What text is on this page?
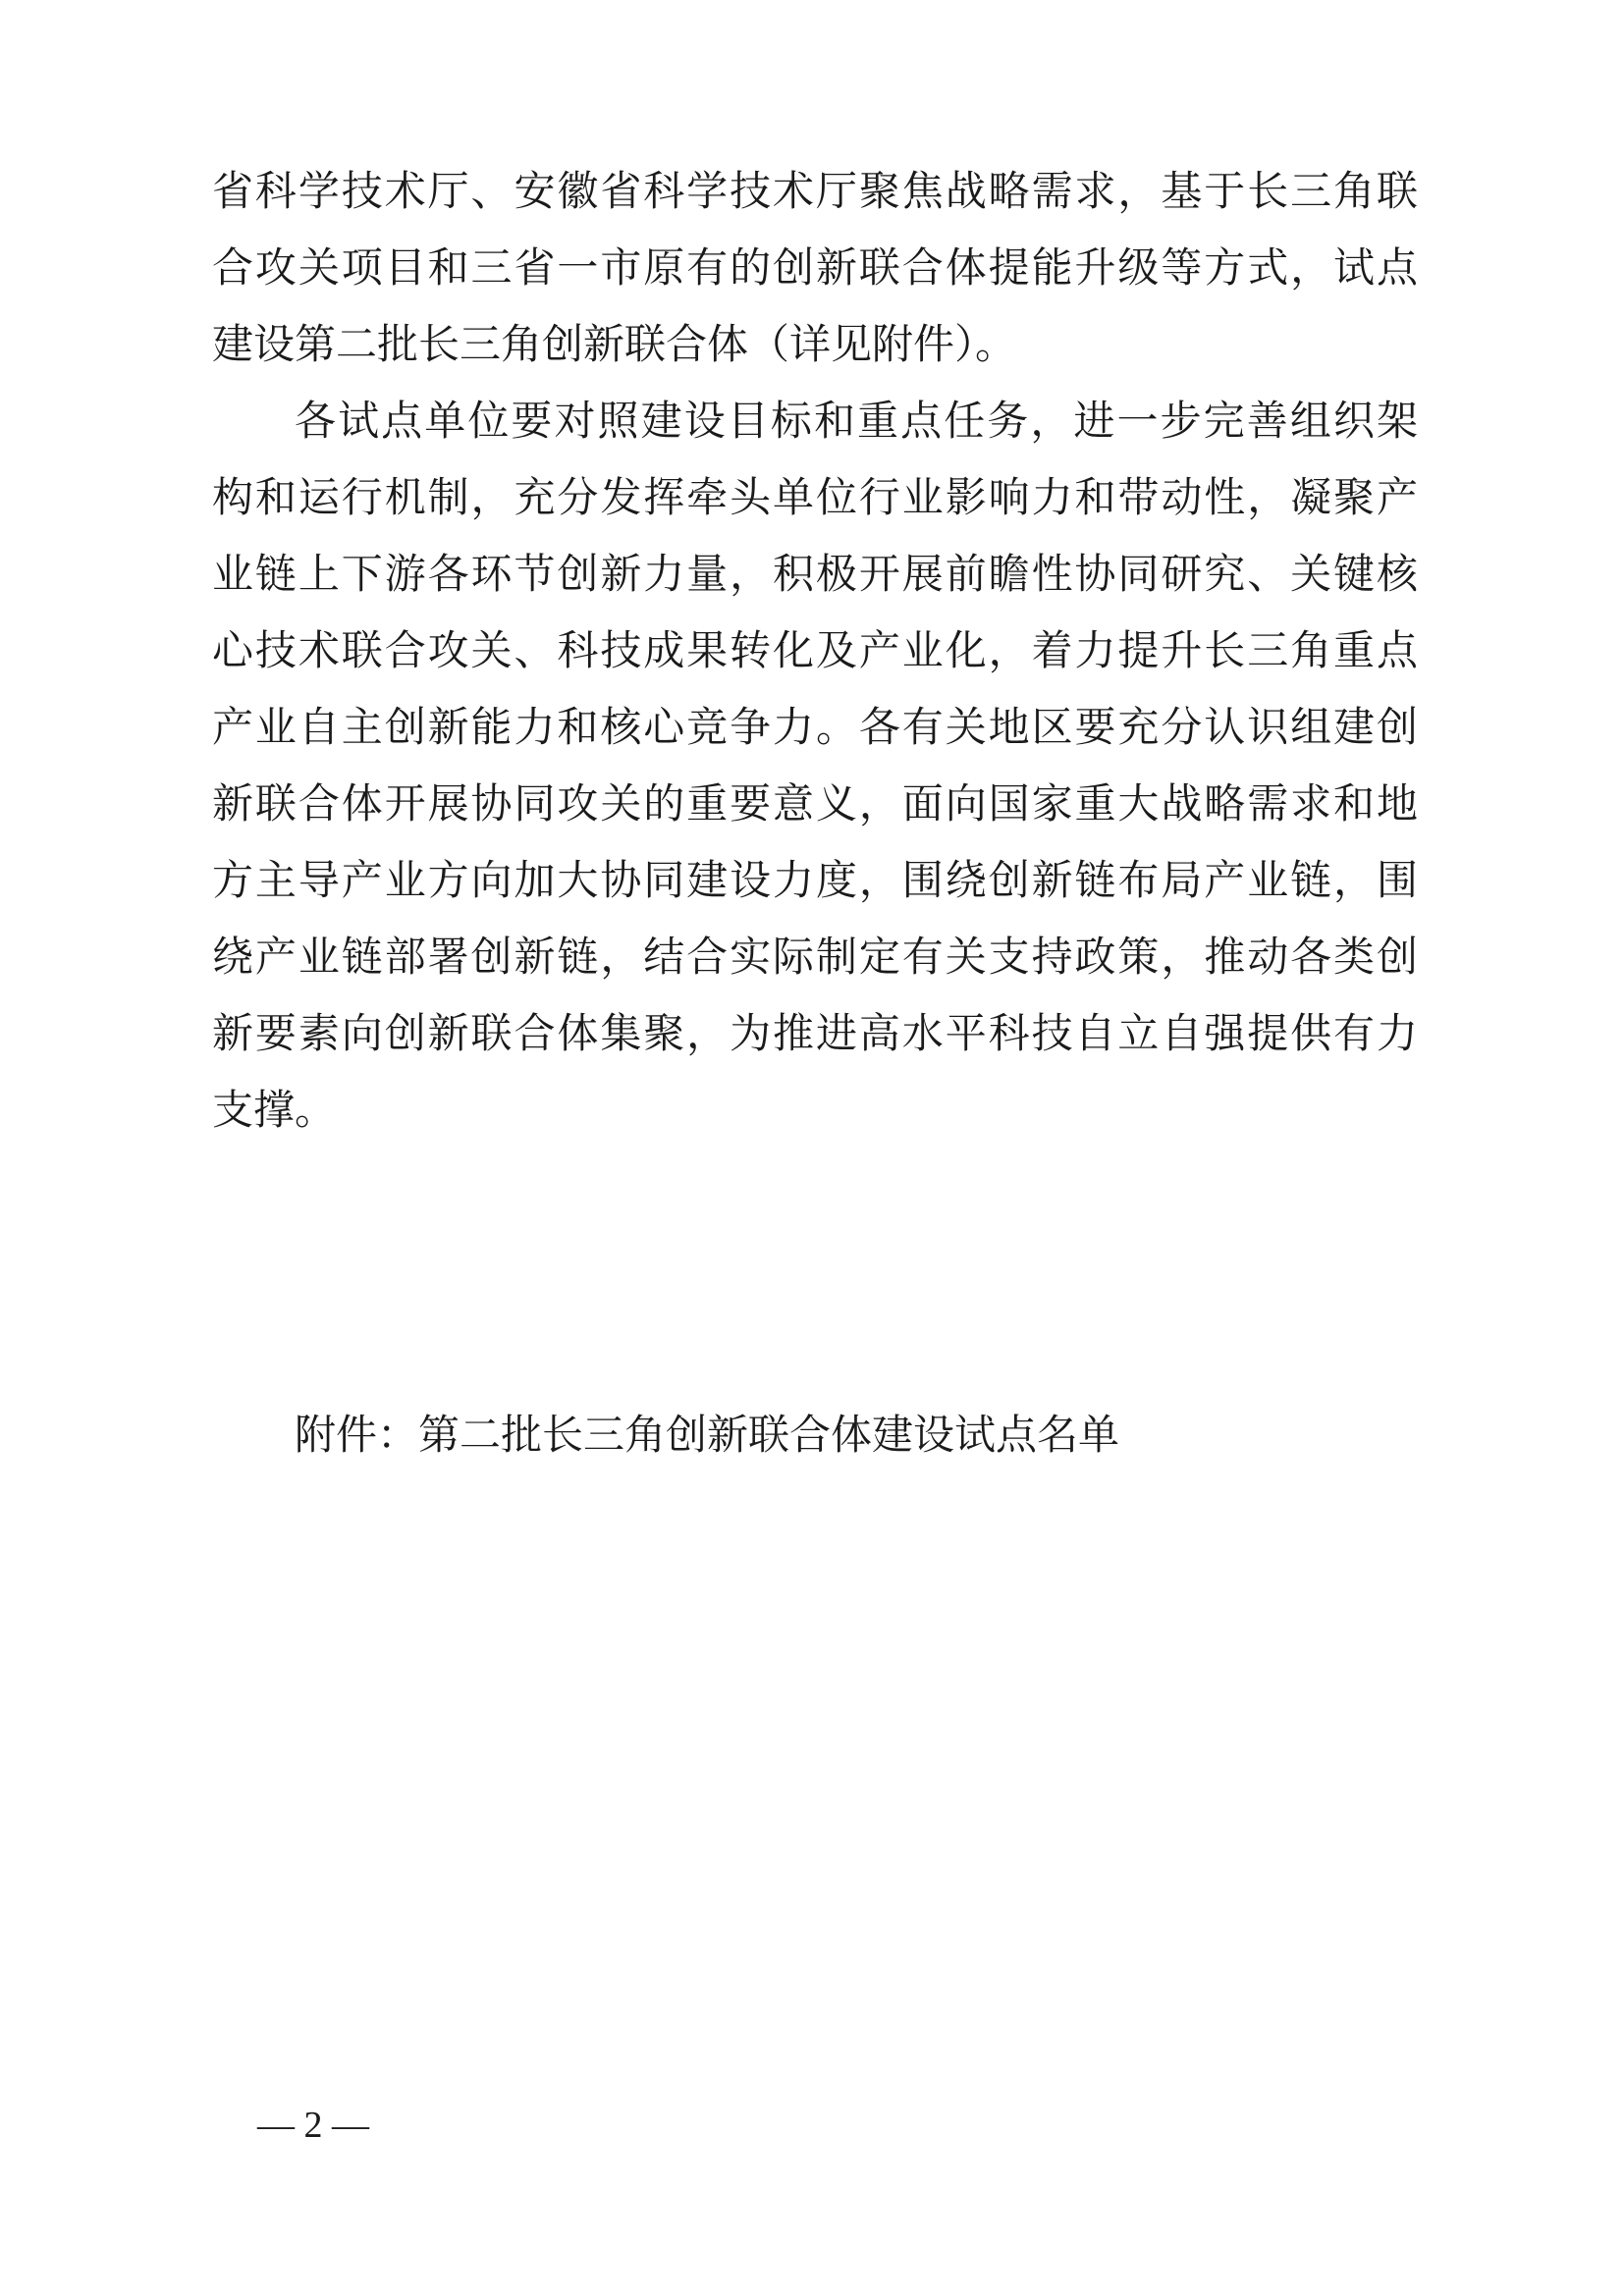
省科学技术厅、安徽省科学技术厅聚焦战略需求，基于长三角联
合攻关项目和三省一市原有的创新联合体提能升级等方式，试点
建设第二批长三角创新联合体（详见附件）。
各试点单位要对照建设目标和重点任务，进一步完善组织架
构和运行机制，充分发挥牵头单位行业影响力和带动性，凝聚产
业链上下游各环节创新力量，积极开展前瞻性协同研究、关键核
心技术联合攻关、科技成果转化及产业化，着力提升长三角重点
产业自主创新能力和核心竞争力。各有关地区要充分认识组建创
新联合体开展协同攻关的重要意义，面向国家重大战略需求和地
方主导产业方向加大协同建设力度，围绕创新链布局产业链，围
绕产业链部署创新链，结合实际制定有关支持政策，推动各类创
新要素向创新联合体集聚，为推进高水平科技自立自强提供有力
支撑。
附件：第二批长三角创新联合体建设试点名单
— 2 —
